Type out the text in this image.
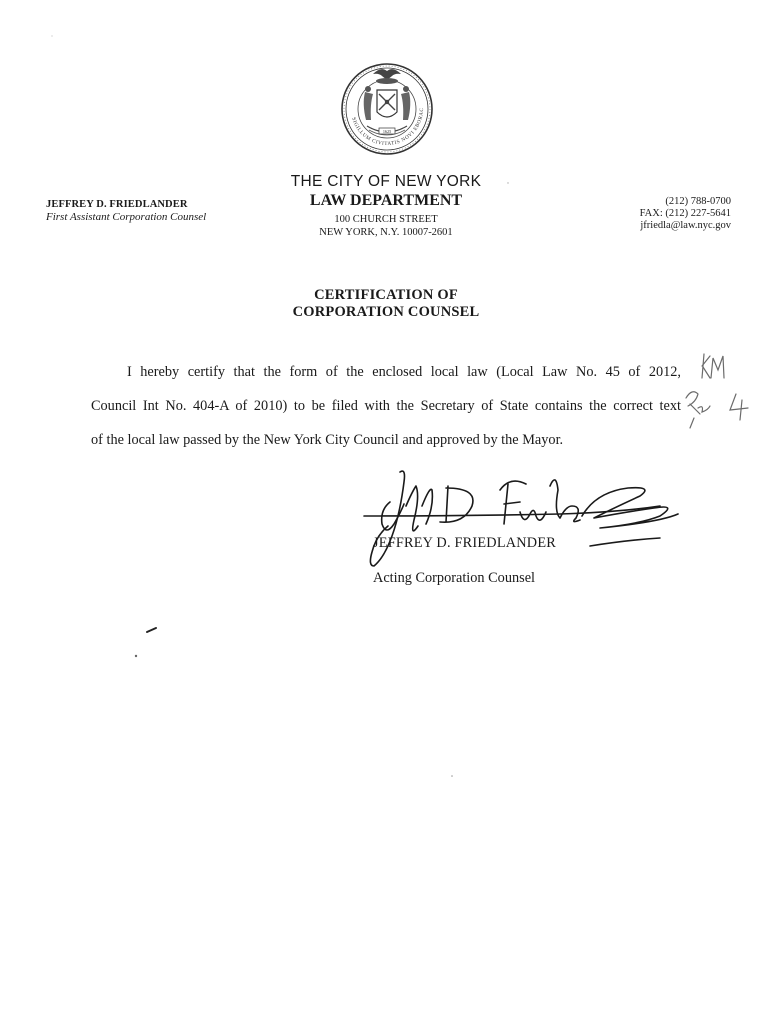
1625
SIGILLUM CIVITATIS NOVI EBORAC
JEFFREY D. FRIEDLANDER
First Assistant Corporation Counsel
THE CITY OF NEW YORK
LAW DEPARTMENT
100 CHURCH STREET
NEW YORK, N.Y. 10007-2601
(212) 788-0700
FAX: (212) 227-5641
jfriedla@law.nyc.gov
CERTIFICATION OF
CORPORATION COUNSEL
I hereby certify that the form of the enclosed local law (Local Law No. 45 of 2012,
Council Int No. 404-A of 2010) to be filed with the Secretary of State contains the correct text
of the local law passed by the New York City Council and approved by the Mayor.
JEFFREY D. FRIEDLANDER
Acting Corporation Counsel
